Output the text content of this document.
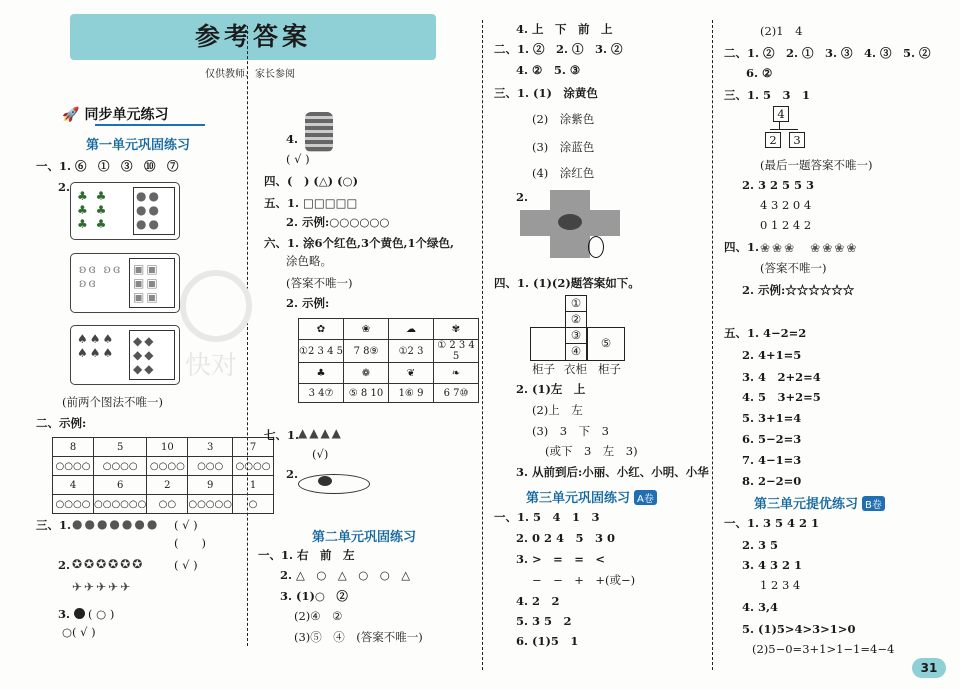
参考答案
仅供教师、家长参阅
快对
🚀 同步单元练习
第一单元巩固练习
一、1. ⑥　①　③　⑩　⑦
2.
♣ ♣
♣ ♣
♣ ♣
●●
●●
●●
ʚɞ ʚɞ
ʚɞ
▣▣
▣▣
▣▣
♠♠♠
♠♠♠
◆◆
◆◆
◆◆
(前两个图法不唯一)
二、示例:
8	5	10	3	7
○○○○	○○○○	○○○○	○○○	○○○○
4	6	2	9	1
○○○○	○○○○○○	○○	○○○○○	○
三、1. ●●●●●●● ( √ )
(　　)
2. ✪✪✪✪✪✪
✈✈✈✈✈
( √ )
3. ( ○ )
○( √ )
4.
( √ )
四、(　) (△) (○)
五、1. □□□□□
2. 示例:○○○○○○
六、1. 涂6个红色,3个黄色,1个绿色,
涂色略。
(答案不唯一)
2. 示例:
✿	❀	☁	✾
①2 3 4 5	7 8⑨	①2 3	① 2 3 4 5
♣	❁	❦	❧
3 4⑦	⑤ 8 10	1⑥ 9	6 7⑩
七、1.
▲▲▲▲
(√)
2.
第二单元巩固练习
一、1. 右　前　左
2. △　○　△　○　○　△
3. (1)○　②
(2)④　②
(3)⑤　④　(答案不唯一)
4. 上　下　前　上
二、1. ②　2. ①　3. ②
4. ②　5. ③
三、1. (1)　涂黄色
(2)　涂紫色
(3)　涂蓝色
(4)　涂红色
2.
四、1. (1)(2)题答案如下。
①
②
③
④
⑤
柜子 衣柜 柜子
2. (1)左　上
(2)上　左
(3)　3　下　3
(或下　3　左　3)
3. 从前到后:小丽、小红、小明、小华
第三单元巩固练习 A卷
一、1. 5　4　1　3
2. 0 2 4　5　3 0
3. >　=　=　<
−　−　+　+(或−)
4. 2　2
5. 3 5　2
6. (1)5　1
(2)1　4
二、1. ②　2. ①　3. ③　4. ③　5. ②
6. ②
三、1. 5　3　1
4
2	3
(最后一题答案不唯一)
2. 3 2 5 5 3
4 3 2 0 4
0 1 2 4 2
四、1. ❀❀❀　❀❀❀❀
(答案不唯一)
2. 示例:☆☆☆☆☆☆
五、1. 4−2=2
2. 4+1=5
3. 4　2+2=4
4. 5　3+2=5
5. 3+1=4
6. 5−2=3
7. 4−1=3
8. 2−2=0
第三单元提优练习 B卷
一、1. 3 5 4 2 1
2. 3 5
3. 4 3 2 1
1 2 3 4
4. 3,4
5. (1)5>4>3>1>0
(2)5−0=3+1>1−1=4−4
31
